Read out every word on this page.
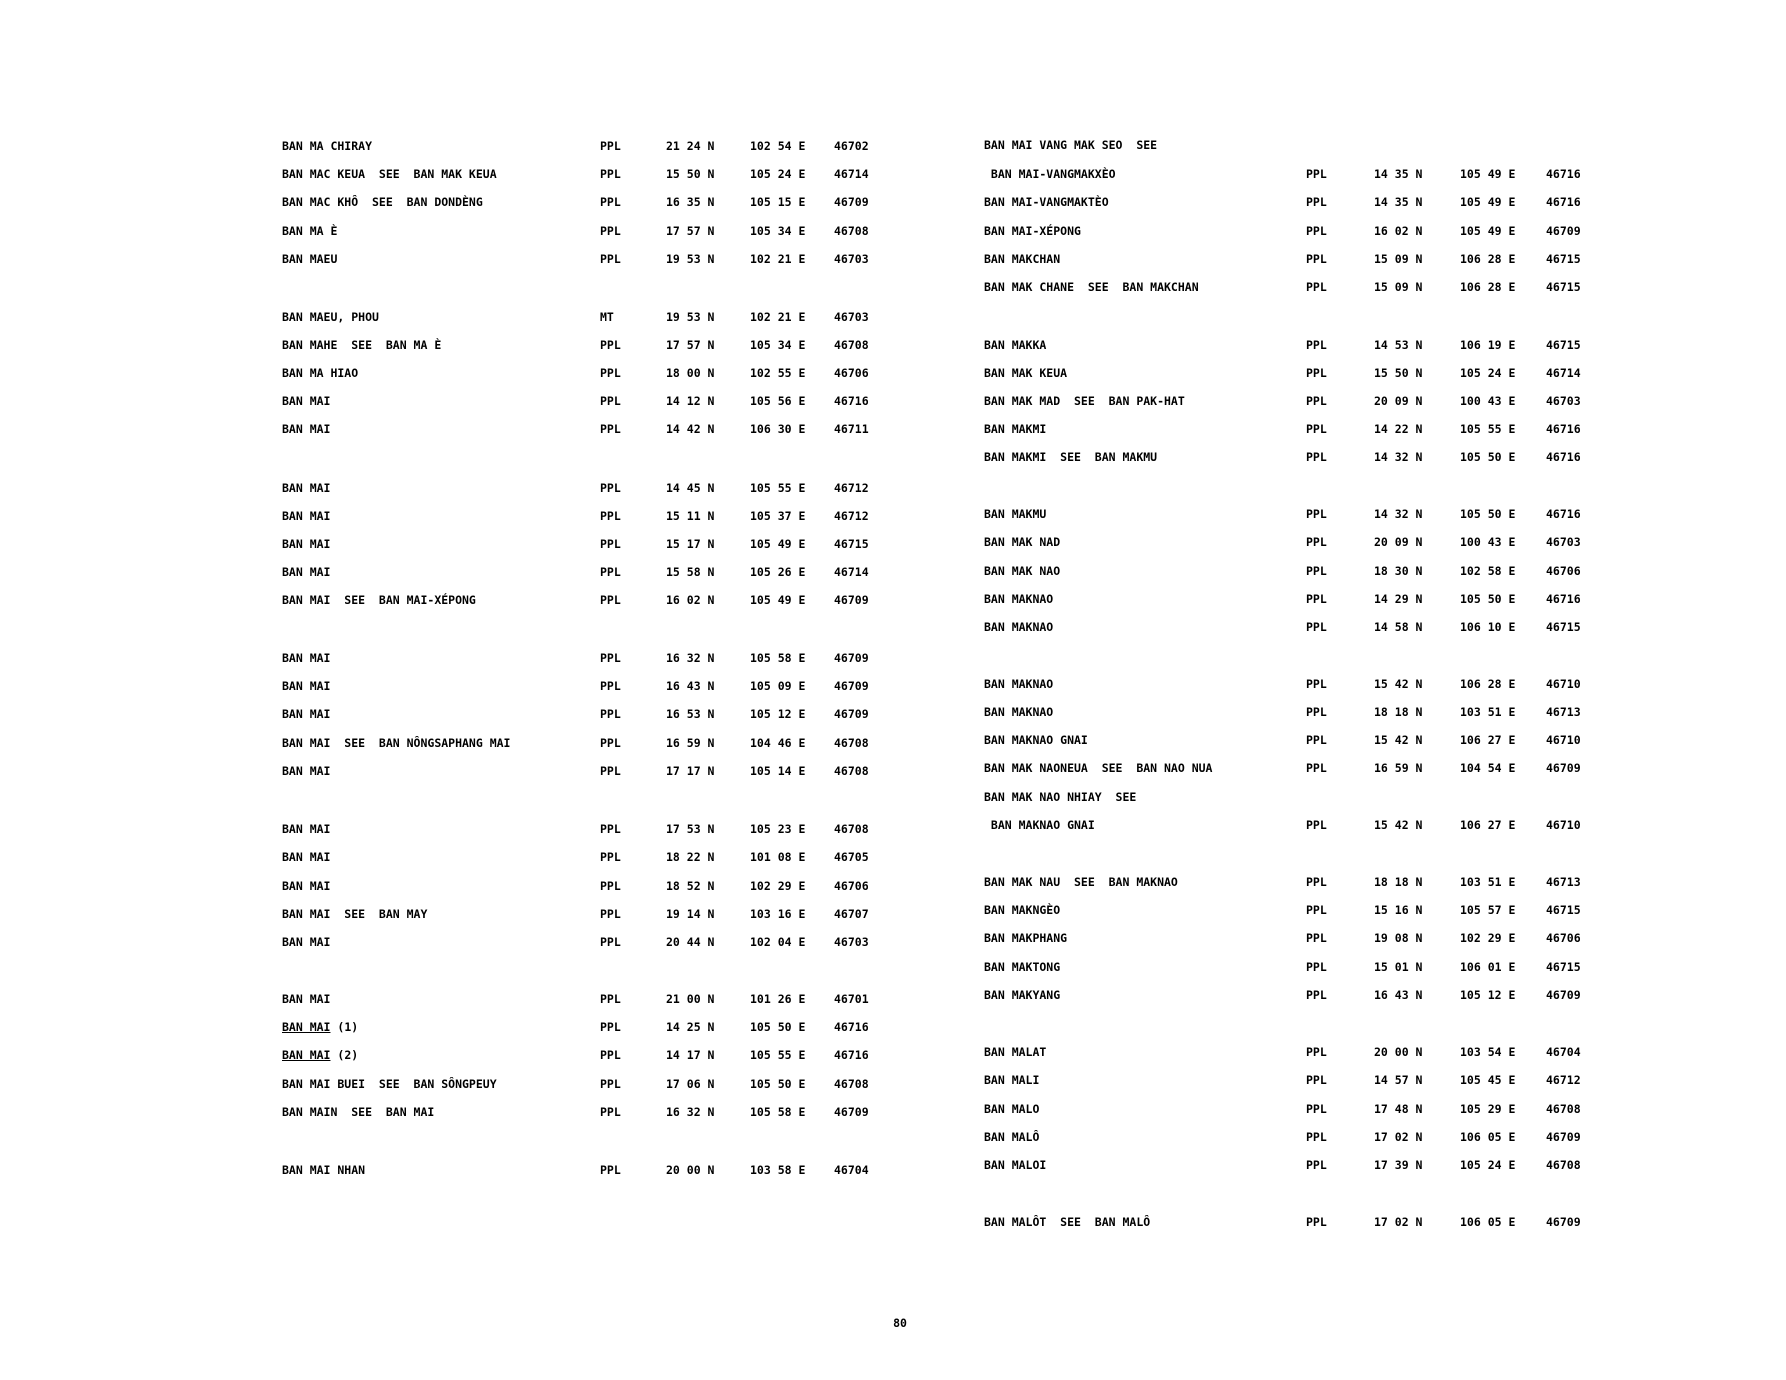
BAN MA CHIRAY	PPL	21 24 N	102 54 E 46702
BAN MAC KEUA  SEE  BAN MAK KEUA	PPL	15 50 N	105 24 E 46714
BAN MAC KHÔ  SEE  BAN DONDÈNG	PPL	16 35 N	105 15 E 46709
BAN MA È	PPL	17 57 N	105 34 E 46708
BAN MAEU	PPL	19 53 N	102 21 E 46703
BAN MAEU, PHOU	MT	19 53 N	102 21 E 46703
BAN MAHE  SEE  BAN MA È	PPL	17 57 N	105 34 E 46708
BAN MA HIAO	PPL	18 00 N	102 55 E 46706
BAN MAI	PPL	14 12 N	105 56 E 46716
BAN MAI	PPL	14 42 N	106 30 E 46711
BAN MAI	PPL	14 45 N	105 55 E 46712
BAN MAI	PPL	15 11 N	105 37 E 46712
BAN MAI	PPL	15 17 N	105 49 E 46715
BAN MAI	PPL	15 58 N	105 26 E 46714
BAN MAI  SEE  BAN MAI-XÉPONG	PPL	16 02 N	105 49 E 46709
BAN MAI	PPL	16 32 N	105 58 E 46709
BAN MAI	PPL	16 43 N	105 09 E 46709
BAN MAI	PPL	16 53 N	105 12 E 46709
BAN MAI  SEE  BAN NÔNGSAPHANG MAI	PPL	16 59 N	104 46 E 46708
BAN MAI	PPL	17 17 N	105 14 E 46708
BAN MAI	PPL	17 53 N	105 23 E 46708
BAN MAI	PPL	18 22 N	101 08 E 46705
BAN MAI	PPL	18 52 N	102 29 E 46706
BAN MAI  SEE  BAN MAY	PPL	19 14 N	103 16 E 46707
BAN MAI	PPL	20 44 N	102 04 E 46703
BAN MAI	PPL	21 00 N	101 26 E 46701
BAN MAI (1)	PPL	14 25 N	105 50 E 46716
BAN MAI (2)	PPL	14 17 N	105 55 E 46716
BAN MAI BUEI  SEE  BAN SÔNGPEUY	PPL	17 06 N	105 50 E 46708
BAN MAIN  SEE  BAN MAI	PPL	16 32 N	105 58 E 46709
BAN MAI NHAN	PPL	20 00 N	103 58 E 46704
BAN MAI VANG MAK SEO  SEE
BAN MAI-VANGMAKXÈO	PPL	14 35 N	105 49 E	46716
BAN MAI-VANGMAKTÈO	PPL	14 35 N	105 49 E	46716
BAN MAI-XÉPONG	PPL	16 02 N	105 49 E	46709
BAN MAKCHAN	PPL	15 09 N	106 28 E	46715
BAN MAK CHANE  SEE  BAN MAKCHAN	PPL	15 09 N	106 28 E	46715
BAN MAKKA	PPL	14 53 N	106 19 E	46715
BAN MAK KEUA	PPL	15 50 N	105 24 E	46714
BAN MAK MAD  SEE  BAN PAK-HAT	PPL	20 09 N	100 43 E	46703
BAN MAKMI	PPL	14 22 N	105 55 E	46716
BAN MAKMI  SEE  BAN MAKMU	PPL	14 32 N	105 50 E	46716
BAN MAKMU	PPL	14 32 N	105 50 E	46716
BAN MAK NAD	PPL	20 09 N	100 43 E	46703
BAN MAK NAO	PPL	18 30 N	102 58 E	46706
BAN MAKNAO	PPL	14 29 N	105 50 E	46716
BAN MAKNAO	PPL	14 58 N	106 10 E	46715
BAN MAKNAO	PPL	15 42 N	106 28 E	46710
BAN MAKNAO	PPL	18 18 N	103 51 E	46713
BAN MAKNAO GNAI	PPL	15 42 N	106 27 E	46710
BAN MAK NAONEUA  SEE  BAN NAO NUA	PPL	16 59 N	104 54 E	46709
BAN MAK NAO NHIAY  SEE
BAN MAKNAO GNAI	PPL	15 42 N	106 27 E	46710
BAN MAK NAU  SEE  BAN MAKNAO	PPL	18 18 N	103 51 E	46713
BAN MAKNGÈO	PPL	15 16 N	105 57 E	46715
BAN MAKPHANG	PPL	19 08 N	102 29 E	46706
BAN MAKTONG	PPL	15 01 N	106 01 E	46715
BAN MAKYANG	PPL	16 43 N	105 12 E	46709
BAN MALAT	PPL	20 00 N	103 54 E	46704
BAN MALI	PPL	14 57 N	105 45 E	46712
BAN MALO	PPL	17 48 N	105 29 E	46708
BAN MALÔ	PPL	17 02 N	106 05 E	46709
BAN MALOI	PPL	17 39 N	105 24 E	46708
BAN MALÔT  SEE  BAN MALÔ	PPL	17 02 N	106 05 E	46709
80
